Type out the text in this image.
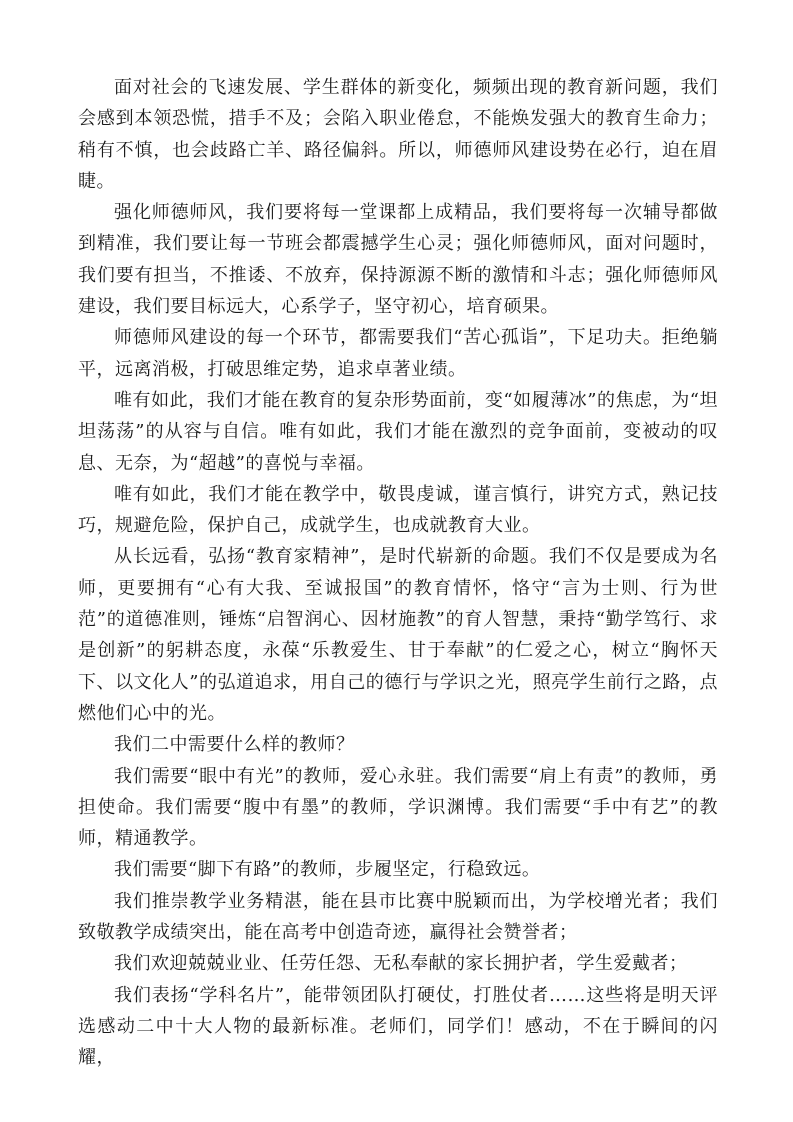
面对社会的飞速发展、学生群体的新变化，频频出现的教育新问题，我们会感到本领恐慌，措手不及；会陷入职业倦怠，不能焕发强大的教育生命力；稍有不慎，也会歧路亡羊、路径偏斜。所以，师德师风建设势在必行，迫在眉睫。

强化师德师风，我们要将每一堂课都上成精品，我们要将每一次辅导都做到精准，我们要让每一节班会都震撼学生心灵；强化师德师风，面对问题时，我们要有担当，不推诿、不放弃，保持源源不断的激情和斗志；强化师德师风建设，我们要目标远大，心系学子，坚守初心，培育硕果。

师德师风建设的每一个环节，都需要我们“苦心孤诣”，下足功夫。拒绝躺平，远离消极，打破思维定势，追求卓著业绩。

唯有如此，我们才能在教育的复杂形势面前，变“如履薄冰”的焦虑，为“坦坦荡荡”的从容与自信。唯有如此，我们才能在激烈的竞争面前，变被动的叹息、无奈，为“超越”的喜悦与幸福。

唯有如此，我们才能在教学中，敬畏虔诚，谨言慎行，讲究方式，熟记技巧，规避危险，保护自己，成就学生，也成就教育大业。

从长远看，弘扬“教育家精神”，是时代崭新的命题。我们不仅是要成为名师，更要拥有“心有大我、至诚报国”的教育情怀，恪守“言为士则、行为世范”的道德准则，锤炼“启智润心、因材施教”的育人智慧，秉持“勤学笃行、求是创新”的躬耕态度，永葆“乐教爱生、甘于奉献”的仁爱之心，树立“胸怀天下、以文化人”的弘道追求，用自己的德行与学识之光，照亮学生前行之路，点燃他们心中的光。

我们二中需要什么样的教师？

我们需要“眼中有光”的教师，爱心永驻。我们需要“肩上有责”的教师，勇担使命。我们需要“腹中有墨”的教师，学识渊博。我们需要“手中有艺”的教师，精通教学。

我们需要“脚下有路”的教师，步履坚定，行稳致远。

我们推崇教学业务精湛，能在县市比赛中脱颖而出，为学校增光者；我们致敬教学成绩突出，能在高考中创造奇迹，赢得社会赞誉者；

我们欢迎兢兢业业、任劳任怨、无私奉献的家长拥护者，学生爱戴者；

我们表扬“学科名片”，能带领团队打硬仗，打胜仗者……这些将是明天评选感动二中十大人物的最新标准。老师们，同学们！感动，不在于瞬间的闪耀，
